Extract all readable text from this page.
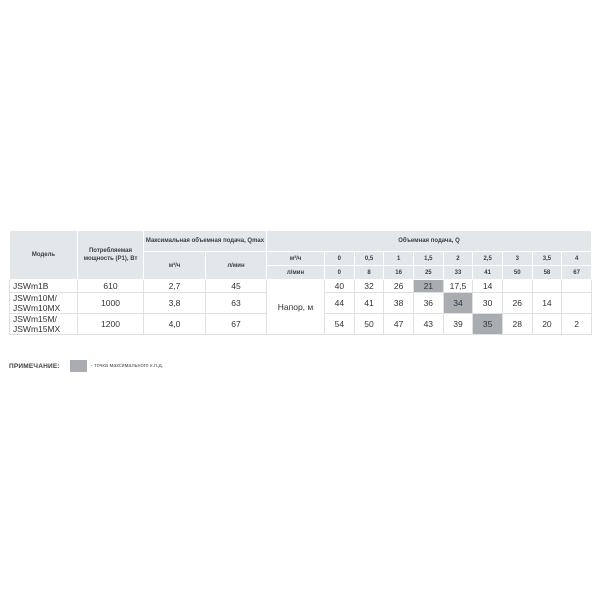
Модель	Потребляемая мощность (P1), Вт	Максимальная объемная подача, Qmax		Объемная подача, Q									
		м³/ч	л/мин	м³/ч	0	0,5	1	1,5	2	2,5	3	3,5	4
				л/мин	0	8	16	25	33	41	50	58	67
JSWm1B	610	2,7	45	Напор, м	40	32	26	21	17,5	14			
JSWm10M/ JSWm10MX	1000	3,8	63		44	41	38	36	34	30	26	14	
JSWm15M/ JSWm15MX	1200	4,0	67		54	50	47	43	39	35	28	20	2
ПРИМЕЧАНИЕ:	- точка максимального к.п.д.
